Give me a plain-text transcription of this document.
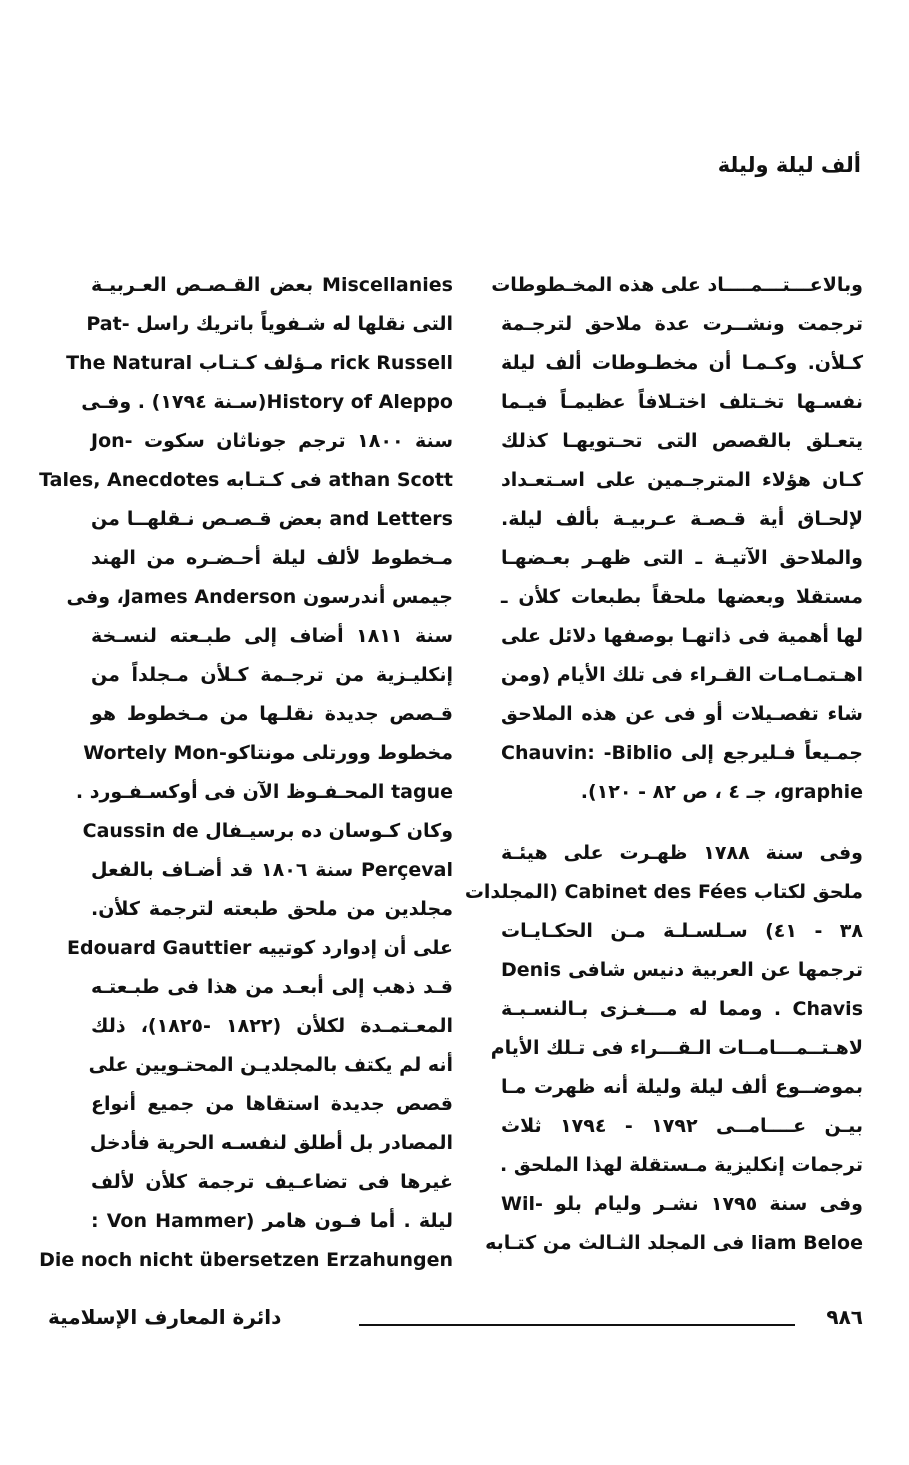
ألف ليلة وليلة

وبالاعـــتـــمــــاد على هذه المخـطوطات

ترجمت ونشــرت عدة ملاحق لترجـمة

كـلأن. وكـمـا أن مخطـوطات ألف ليلة

نفسـها تخـتلف اختـلافاً عظيمـاً فيـما

يتعـلق بالقصص التى تحـتويهـا كذلك

كـان هؤلاء المترجـمين على اسـتعـداد

لإلحـاق أية قـصـة عـربيـة بألف ليلة.

والملاحق الآتيـة ـ التى ظهـر بعـضهـا

مستقلا وبعضها ملحقاً بطبعات كلأن ـ

لها أهمية فى ذاتهـا بوصفها دلائل على

اهـتمـامـات القـراء فى تلك الأيام (ومن

شاء تفصـيلات أو فى عن هذه الملاحق

جمـيعاً فـليرجع إلى Chauvin: -Biblio

graphie، جـ ٤ ، ص ٨٢ - ١٢٠).

وفى سنة ١٧٨٨ ظهـرت على هيئـة

ملحق لكتاب Cabinet des Fées (المجلدات

٣٨ - ٤١) سـلسـلـة مـن الحكـايـات

ترجمها عن العربية دنيس شافى Denis

Chavis . ومما له مـــغـزى بـالنسـبـة

لاهـتــمـــامــات الـقـــراء فى تـلك الأيام

بموضــوع ألف ليلة وليلة أنه ظهرت مـا

بيـن عــــامــى ١٧٩٢ - ١٧٩٤ ثلاث

ترجمات إنكليزية مـستقلة لهذا الملحق .

وفى سنة ١٧٩٥ نشـر وليام بلو -Wil

liam Beloe فى المجلد الثـالث من كتـابه

Miscellanies بعض القـصـص العـربيـة

التى نقلها له شـفوياً باتريك راسل -Pat

rick Russell مـؤلف كـتـاب The Natural

History of Aleppo(سـنة ١٧٩٤) . وفـى

سنة ١٨٠٠ ترجم جوناثان سكوت -Jon

athan Scott فى كـتـابه Tales, Anecdotes

and Letters بعض قـصـص نـقلهــا من

مـخطوط لألف ليلة أحـضـره من الهند

جيمس أندرسون James Anderson، وفى

سنة ١٨١١ أضاف إلى طبـعته لنسـخة

إنكليـزية من ترجـمة كـلأن مـجلداً من

قـصص جديدة نقلـها من مـخطوط هو

مخطوط وورتلى مونتاكو-Wortely Mon

tague المحـفـوظ الآن فى أوكسـفـورد .

وكان كـوسان ده برسيـفال Caussin de

Perçeval سنة ١٨٠٦ قد أضـاف بالفعل

مجلدين من ملحق طبعته لترجمة كلأن.

على أن إدوارد كوتييه Edouard Gauttier

قـد ذهب إلى أبعـد من هذا فى طبـعتـه

المعـتمـدة لكلأن (١٨٢٢ -١٨٢٥)، ذلك

أنه لم يكتف بالمجلديـن المحتـويين على

قصص جديدة استقاها من جميع أنواع

المصادر بل أطلق لنفسـه الحرية فأدخل

غيرها فى تضاعـيف ترجمة كلأن لألف

ليلة . أما فـون هامر (Von Hammer :

Die noch nicht übersetzen Erzahungen

٩٨٦
دائرة المعارف الإسلامية
